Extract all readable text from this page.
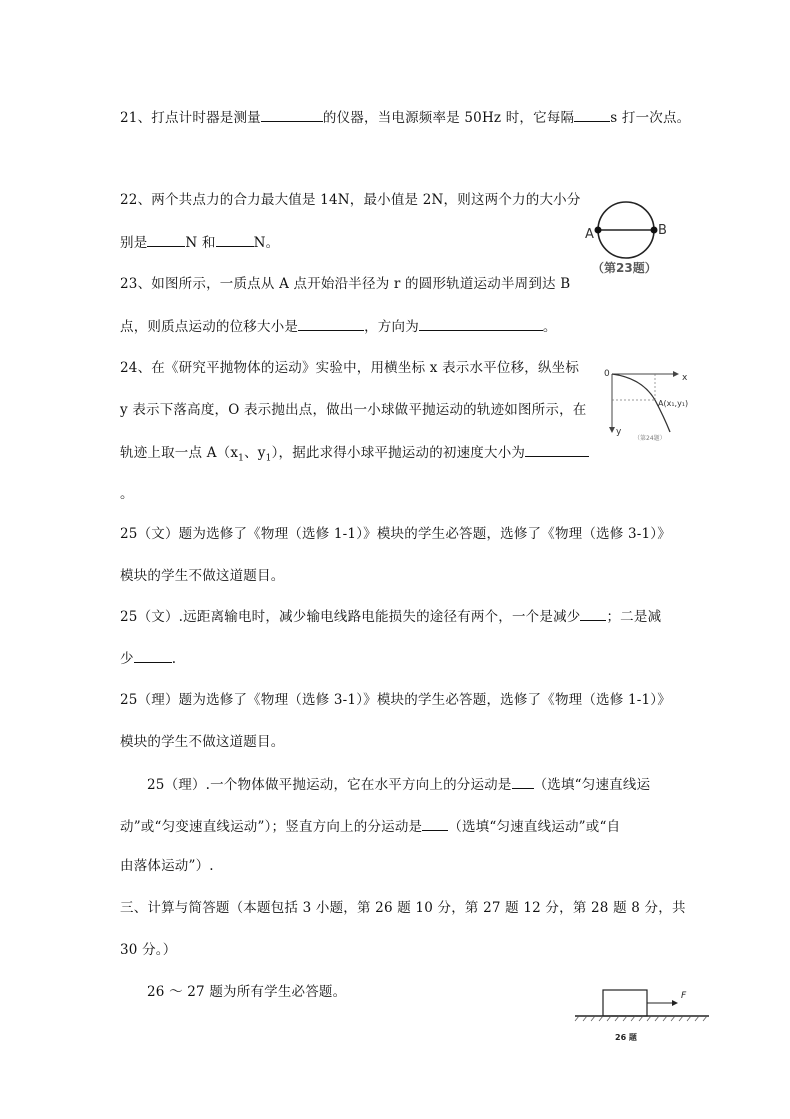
21、打点计时器是测量	的仪器，当电源频率是 50Hz 时，它每隔	s 打一次点。
22、两个共点力的合力最大值是 14N，最小值是 2N，则这两个力的大小分
别是	N 和	N。
A	B
（第23题）
23、如图所示，一质点从 A 点开始沿半径为 r 的圆形轨道运动半周到达 B
点，则质点运动的位移大小是	，方向为	。
24、在《研究平抛物体的运动》实验中，用横坐标 x 表示水平位移，纵坐标
y 表示下落高度，O 表示抛出点，做出一小球做平抛运动的轨迹如图所示，在
轨迹上取一点 $A(x_1$、$y_1$），据此求得小球平抛运动的初速度大小为
。
0	x
y
A(x₁,y₁)
（第24题）
25（文）题为选修了《物理（选修 1-1）》模块的学生必答题，选修了《物理（选修 3-1）》
模块的学生不做这道题目。
25（文）.远距离输电时，减少输电线路电能损失的途径有两个，一个是减少 ；二是减
少	.
25（理）题为选修了《物理（选修 3-1）》模块的学生必答题，选修了《物理（选修 1-1）》
模块的学生不做这道题目。
25（理）.一个物体做平抛运动，它在水平方向上的分运动是 （选填“匀速直线运
动”或“匀变速直线运动”）；竖直方向上的分运动是 （选填“匀速直线运动”或“自
由落体运动”）.
三、计算与简答题（本题包括 3 小题，第 26 题 10 分，第 27 题 12 分，第 28 题 8 分，共
30 分。）
26 ～ 27 题为所有学生必答题。	F
26 题
